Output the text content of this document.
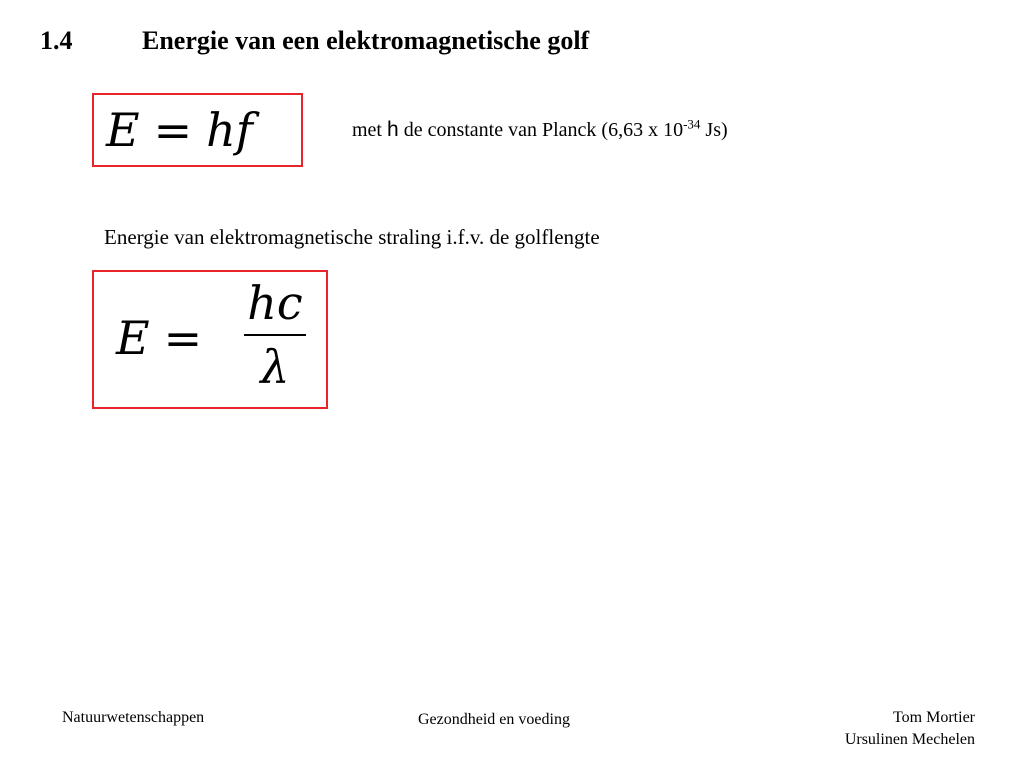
1.4	Energie van een elektromagnetische golf
E = hf	met h de constante van Planck (6,63 x $10^{-34}$ Js)
Energie van elektromagnetische straling i.f.v. de golflengte
E =
hc
λ
Natuurwetenschappen	Gezondheid en voeding	Tom Mortier
Ursulinen Mechelen
